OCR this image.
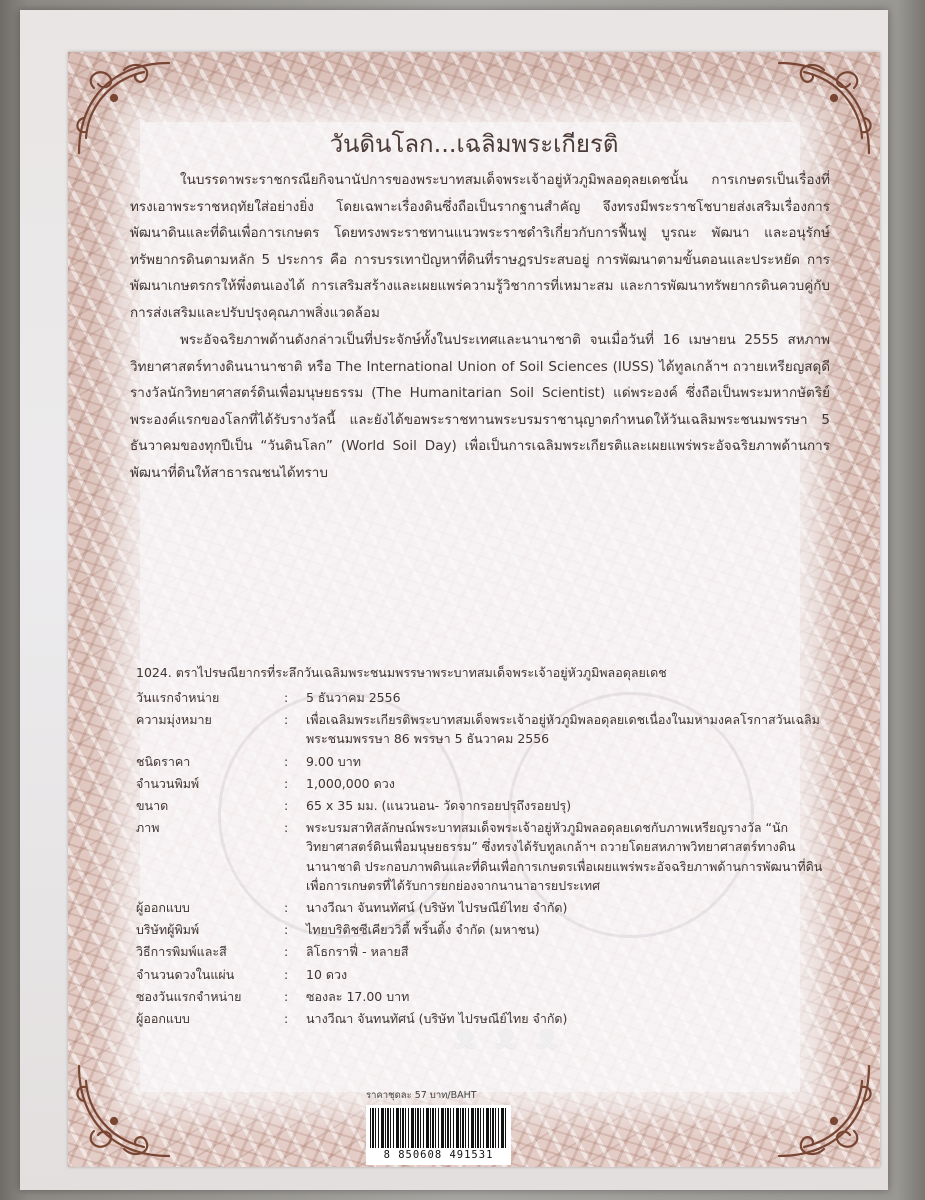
ᴥ ᴥ ᴥ
วันดินโลก...เฉลิมพระเกียรติ

ในบรรดาพระราชกรณียกิจนานัปการของพระบาทสมเด็จพระเจ้าอยู่หัวภูมิพลอดุลยเดชนั้น การเกษตรเป็นเรื่องที่ทรงเอาพระราชหฤทัยใส่อย่างยิ่ง โดยเฉพาะเรื่องดินซึ่งถือเป็นรากฐานสำคัญ จึงทรงมีพระราชโชบายส่งเสริมเรื่องการพัฒนาดินและที่ดินเพื่อการเกษตร โดยทรงพระราชทานแนวพระราชดำริเกี่ยวกับการฟื้นฟู บูรณะ พัฒนา และอนุรักษ์ทรัพยากรดินตามหลัก 5 ประการ คือ การบรรเทาปัญหาที่ดินที่ราษฎรประสบอยู่ การพัฒนาตามขั้นตอนและประหยัด การพัฒนาเกษตรกรให้พึ่งตนเองได้ การเสริมสร้างและเผยแพร่ความรู้วิชาการที่เหมาะสม และการพัฒนาทรัพยากรดินควบคู่กับการส่งเสริมและปรับปรุงคุณภาพสิ่งแวดล้อม

พระอัจฉริยภาพด้านดังกล่าวเป็นที่ประจักษ์ทั้งในประเทศและนานาชาติ จนเมื่อวันที่ 16 เมษายน 2555 สหภาพวิทยาศาสตร์ทางดินนานาชาติ หรือ The International Union of Soil Sciences (IUSS) ได้ทูลเกล้าฯ ถวายเหรียญสดุดีรางวัลนักวิทยาศาสตร์ดินเพื่อมนุษยธรรม (The Humanitarian Soil Scientist) แด่พระองค์ ซึ่งถือเป็นพระมหากษัตริย์พระองค์แรกของโลกที่ได้รับรางวัลนี้ และยังได้ขอพระราชทานพระบรมราชานุญาตกำหนดให้วันเฉลิมพระชนมพรรษา 5 ธันวาคมของทุกปีเป็น “วันดินโลก” (World Soil Day) เพื่อเป็นการเฉลิมพระเกียรติและเผยแพร่พระอัจฉริยภาพด้านการพัฒนาที่ดินให้สาธารณชนได้ทราบ

1024. ตราไปรษณียากรที่ระลึกวันเฉลิมพระชนมพรรษาพระบาทสมเด็จพระเจ้าอยู่หัวภูมิพลอดุลยเดช
วันแรกจำหน่าย	:	5 ธันวาคม 2556
ความมุ่งหมาย	:	เพื่อเฉลิมพระเกียรติพระบาทสมเด็จพระเจ้าอยู่หัวภูมิพลอดุลยเดชเนื่องในมหามงคลโรกาสวันเฉลิมพระชนมพรรษา 86 พรรษา 5 ธันวาคม 2556
ชนิดราคา	:	9.00 บาท
จำนวนพิมพ์	:	1,000,000 ดวง
ขนาด	:	65 x 35 มม. (แนวนอน- วัดจากรอยปรุถึงรอยปรุ)
ภาพ	:	พระบรมสาทิสลักษณ์พระบาทสมเด็จพระเจ้าอยู่หัวภูมิพลอดุลยเดชกับภาพเหรียญรางวัล “นักวิทยาศาสตร์ดินเพื่อมนุษยธรรม” ซึ่งทรงได้รับทูลเกล้าฯ ถวายโดยสหภาพวิทยาศาสตร์ทางดินนานาชาติ ประกอบภาพดินและที่ดินเพื่อการเกษตรเพื่อเผยแพร่พระอัจฉริยภาพด้านการพัฒนาที่ดินเพื่อการเกษตรที่ได้รับการยกย่องจากนานาอารยประเทศ
ผู้ออกแบบ	:	นางวีณา จันทนทัศน์ (บริษัท ไปรษณีย์ไทย จำกัด)
บริษัทผู้พิมพ์	:	ไทยบริติชซีเคียววิตี้ พริ้นติ้ง จำกัด (มหาชน)
วิธีการพิมพ์และสี	:	ลิโธกราฟี่ - หลายสี
จำนวนดวงในแผ่น	:	10 ดวง
ซองวันแรกจำหน่าย	:	ซองละ 17.00 บาท
ผู้ออกแบบ	:	นางวีณา จันทนทัศน์ (บริษัท ไปรษณีย์ไทย จำกัด)
ราคาชุดละ 57 บาท/BAHT
8 850608 491531
